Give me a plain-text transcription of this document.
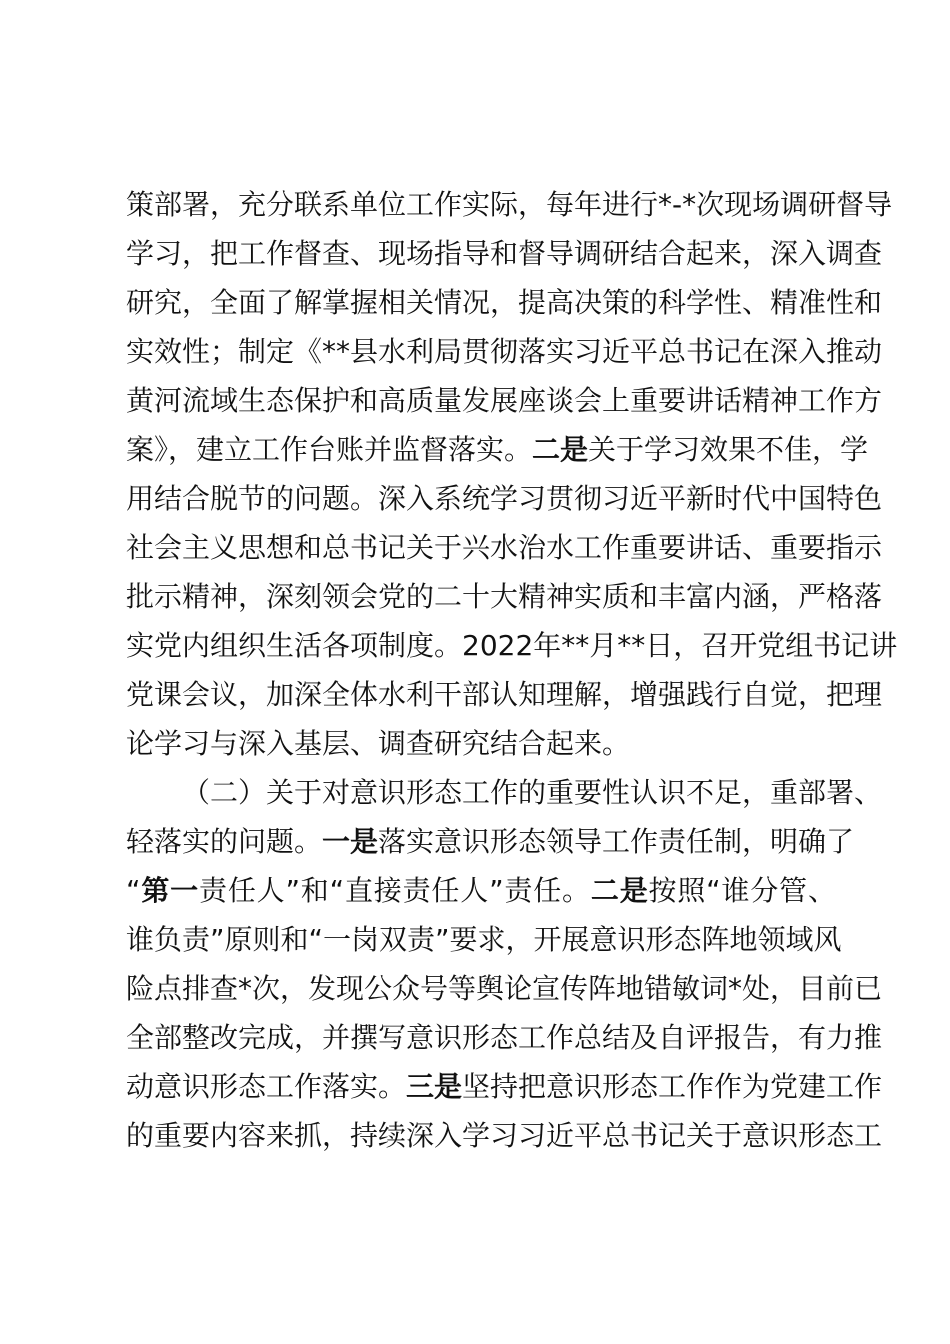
策部署，充分联系单位工作实际，每年进行*-*次现场调研督导
学习，把工作督查、现场指导和督导调研结合起来，深入调查
研究，全面了解掌握相关情况，提高决策的科学性、精准性和
实效性；制定《**县水利局贯彻落实习近平总书记在深入推动
黄河流域生态保护和高质量发展座谈会上重要讲话精神工作方
案》，建立工作台账并监督落实。二是关于学习效果不佳，学
用结合脱节的问题。深入系统学习贯彻习近平新时代中国特色
社会主义思想和总书记关于兴水治水工作重要讲话、重要指示
批示精神，深刻领会党的二十大精神实质和丰富内涵，严格落
实党内组织生活各项制度。2022年**月**日，召开党组书记讲
党课会议，加深全体水利干部认知理解，增强践行自觉，把理
论学习与深入基层、调查研究结合起来。
（二）关于对意识形态工作的重要性认识不足，重部署、
轻落实的问题。一是落实意识形态领导工作责任制，明确了
“第一责任人”和“直接责任人”责任。二是按照“谁分管、
谁负责”原则和“一岗双责”要求，开展意识形态阵地领域风
险点排查*次，发现公众号等舆论宣传阵地错敏词*处，目前已
全部整改完成，并撰写意识形态工作总结及自评报告，有力推
动意识形态工作落实。三是坚持把意识形态工作作为党建工作
的重要内容来抓，持续深入学习习近平总书记关于意识形态工
